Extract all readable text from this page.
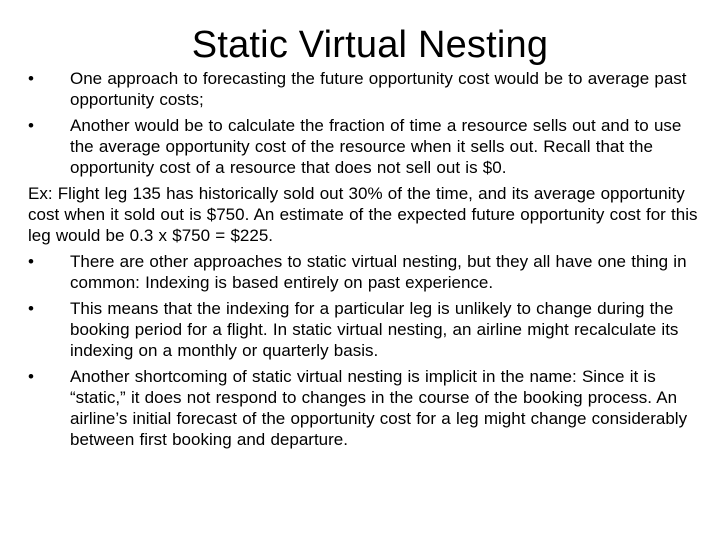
Static Virtual Nesting
•	One approach to forecasting the future opportunity cost would be to average past opportunity costs;
•	Another would be to calculate the fraction of time a resource sells out and to use the average opportunity cost of the resource when it sells out. Recall that the opportunity cost of a resource that does not sell out is $0.

Ex: Flight leg 135 has historically sold out 30% of the time, and its average opportunity cost when it sold out is $750. An estimate of the expected future opportunity cost for this leg would be 0.3 x $750 = $225.

•	There are other approaches to static virtual nesting, but they all have one thing in common: Indexing is based entirely on past experience.
•	This means that the indexing for a particular leg is unlikely to change during the booking period for a flight. In static virtual nesting, an airline might recalculate its indexing on a monthly or quarterly basis.
•	Another shortcoming of static virtual nesting is implicit in the name: Since it is “static,” it does not respond to changes in the course of the booking process. An airline’s initial forecast of the opportunity cost for a leg might change considerably between first booking and departure.
